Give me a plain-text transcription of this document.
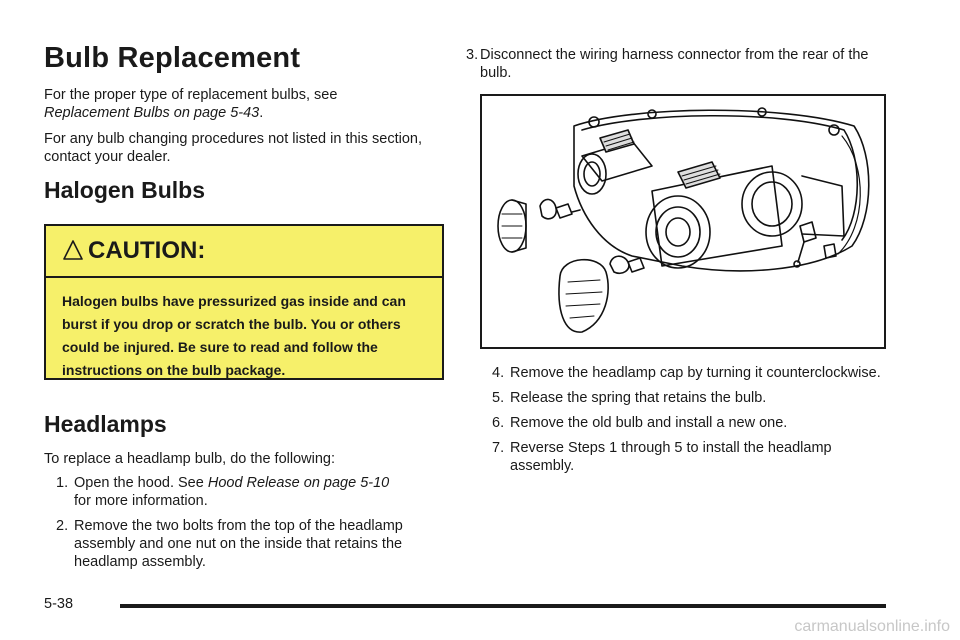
Bulb Replacement

For the proper type of replacement bulbs, see
Replacement Bulbs on page 5-43.

For any bulb changing procedures not listed in this section, contact your dealer.

Halogen Bulbs
CAUTION:
Halogen bulbs have pressurized gas inside and can burst if you drop or scratch the bulb. You or others could be injured. Be sure to read and follow the instructions on the bulb package.
Headlamps

To replace a headlamp bulb, do the following:

1. Open the hood. See Hood Release on page 5-10
for more information.
2. Remove the two bolts from the top of the headlamp assembly and one nut on the inside that retains the headlamp assembly.
3. Disconnect the wiring harness connector from the rear of the bulb.
4. Remove the headlamp cap by turning it counterclockwise.
5. Release the spring that retains the bulb.
6. Remove the old bulb and install a new one.
7. Reverse Steps 1 through 5 to install the headlamp assembly.
5-38
carmanualsonline.info
